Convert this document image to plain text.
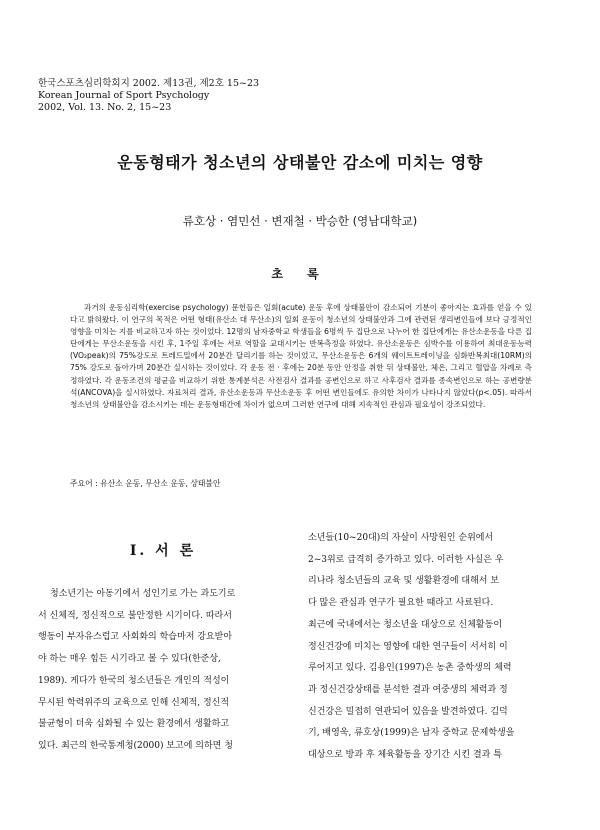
한국스포츠심리학회지 2002. 제13권, 제2호 15~23
Korean Journal of Sport Psychology
2002, Vol. 13. No. 2, 15~23
운동형태가 청소년의 상태불안 감소에 미치는 영향
류호상 · 염민선 · 변재철 · 박승한 (영남대학교)
초 록
과거의 운동심리학(exercise psychology) 문헌들은 일회(acute) 운동 후에 상태불안이 감소되어 기분이 좋아지는 효과를 얻을 수 있다고 밝혀왔다. 이 연구의 목적은 어떤 형태(유산소 대 무산소)의 일회 운동이 청소년의 상태불안과 그에 관련된 생리변인들에 보다 긍정적인 영향을 미치는 지를 비교하고자 하는 것이었다. 12명의 남자중학교 학생들을 6명씩 두 집단으로 나누어 한 집단에게는 유산소운동을 다른 집단에게는 무산소운동을 시킨 후, 1주일 후에는 서로 역할을 교대시키는 반복측정을 하였다. 유산소운동은 심박수를 이용하여 최대운동능력(VO₂peak)의 75%강도로 트레드밀에서 20분간 달리기를 하는 것이었고, 무산소운동은 6개의 웨이트트레이닝을 심화반복최대(10RM)의 75% 강도로 돌아가며 20분간 실시하는 것이었다. 각 운동 전 · 후에는 20분 동안 안정을 취한 뒤 상태불안, 체온, 그리고 혈압을 차례로 측정하였다. 각 운동조건의 평균을 비교하기 위한 통계분석은 사전검사 결과를 공변인으로 하고 사후검사 결과를 종속변인으로 하는 공변량분석(ANCOVA)을 실시하였다. 자료처리 결과, 유산소운동과 무산소운동 후 어떤 변인들에도 유의한 차이가 나타나지 않았다(p<.05). 따라서 청소년의 상태불안을 감소시키는 데는 운동형태간에 차이가 없으며 그러한 연구에 대해 지속적인 관심과 필요성이 강조되었다.
주요어 : 유산소 운동, 무산소 운동, 상태불안
I. 서 론
청소년기는 아동기에서 성인기로 가는 과도기로
서 신체적, 정신적으로 불안정한 시기이다. 따라서
행동이 부자유스럽고 사회화의 학습마저 강요받아
야 하는 매우 힘든 시기라고 볼 수 있다(한준상,
1989). 게다가 한국의 청소년들은 개인의 적성이
무시된 학력위주의 교육으로 인해 신체적, 정신적
불균형이 더욱 심화될 수 있는 환경에서 생활하고
있다. 최근의 한국통계청(2000) 보고에 의하면 청
소년들(10~20대)의 자살이 사망원인 순위에서
2~3위로 급격히 증가하고 있다. 이러한 사실은 우
리나라 청소년들의 교육 및 생활환경에 대해서 보
다 많은 관심과 연구가 필요한 때라고 사료된다.
최근에 국내에서는 청소년을 대상으로 신체활동이
정신건강에 미치는 영향에 대한 연구들이 서서히 이
루어지고 있다. 김용인(1997)은 농촌 중학생의 체력
과 정신건강상태를 분석한 결과 여중생의 체력과 정
신건강은 밀접히 연관되어 있음을 발견하였다. 김덕
기, 배영욱, 류호상(1999)은 남자 중학교 문제학생을
대상으로 방과 후 체육활동을 장기간 시킨 결과 특
